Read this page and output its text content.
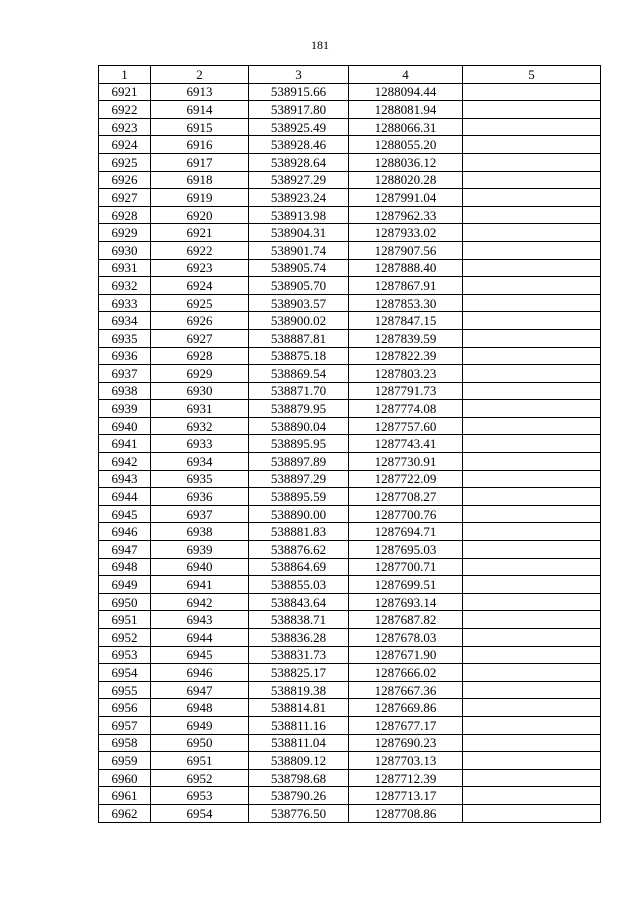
181
1	2	3	4	5
6921	6913	538915.66	1288094.44	
6922	6914	538917.80	1288081.94	
6923	6915	538925.49	1288066.31	
6924	6916	538928.46	1288055.20	
6925	6917	538928.64	1288036.12	
6926	6918	538927.29	1288020.28	
6927	6919	538923.24	1287991.04	
6928	6920	538913.98	1287962.33	
6929	6921	538904.31	1287933.02	
6930	6922	538901.74	1287907.56	
6931	6923	538905.74	1287888.40	
6932	6924	538905.70	1287867.91	
6933	6925	538903.57	1287853.30	
6934	6926	538900.02	1287847.15	
6935	6927	538887.81	1287839.59	
6936	6928	538875.18	1287822.39	
6937	6929	538869.54	1287803.23	
6938	6930	538871.70	1287791.73	
6939	6931	538879.95	1287774.08	
6940	6932	538890.04	1287757.60	
6941	6933	538895.95	1287743.41	
6942	6934	538897.89	1287730.91	
6943	6935	538897.29	1287722.09	
6944	6936	538895.59	1287708.27	
6945	6937	538890.00	1287700.76	
6946	6938	538881.83	1287694.71	
6947	6939	538876.62	1287695.03	
6948	6940	538864.69	1287700.71	
6949	6941	538855.03	1287699.51	
6950	6942	538843.64	1287693.14	
6951	6943	538838.71	1287687.82	
6952	6944	538836.28	1287678.03	
6953	6945	538831.73	1287671.90	
6954	6946	538825.17	1287666.02	
6955	6947	538819.38	1287667.36	
6956	6948	538814.81	1287669.86	
6957	6949	538811.16	1287677.17	
6958	6950	538811.04	1287690.23	
6959	6951	538809.12	1287703.13	
6960	6952	538798.68	1287712.39	
6961	6953	538790.26	1287713.17	
6962	6954	538776.50	1287708.86	
